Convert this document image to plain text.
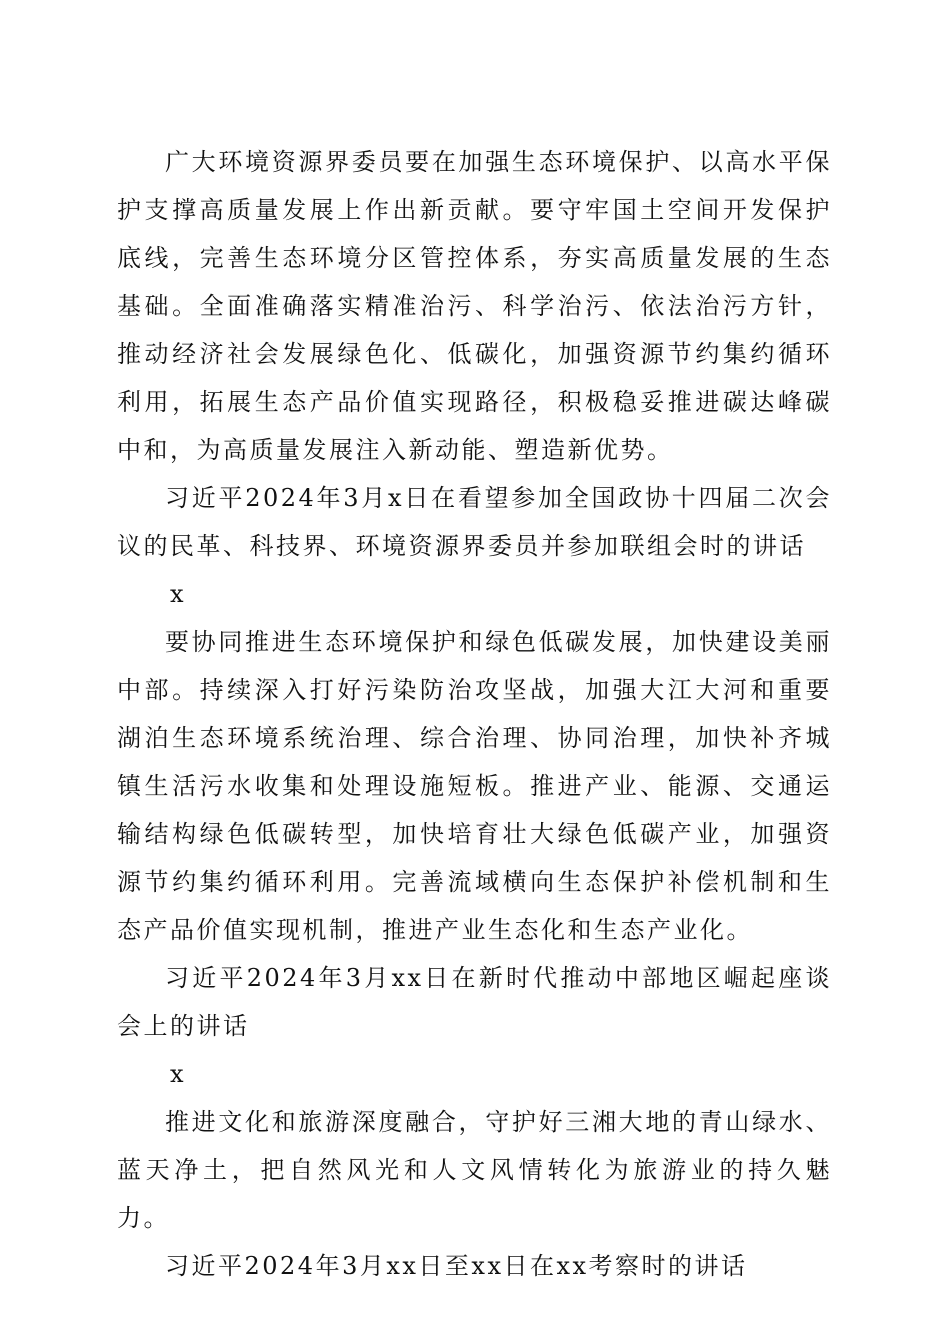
广大环境资源界委员要在加强生态环境保护、以高水平保护支撑高质量发展上作出新贡献。要守牢国土空间开发保护底线，完善生态环境分区管控体系，夯实高质量发展的生态基础。全面准确落实精准治污、科学治污、依法治污方针，推动经济社会发展绿色化、低碳化，加强资源节约集约循环利用，拓展生态产品价值实现路径，积极稳妥推进碳达峰碳中和，为高质量发展注入新动能、塑造新优势。

习近平2024年3月x日在看望参加全国政协十四届二次会议的民革、科技界、环境资源界委员并参加联组会时的讲话

x

要协同推进生态环境保护和绿色低碳发展，加快建设美丽中部。持续深入打好污染防治攻坚战，加强大江大河和重要湖泊生态环境系统治理、综合治理、协同治理，加快补齐城镇生活污水收集和处理设施短板。推进产业、能源、交通运输结构绿色低碳转型，加快培育壮大绿色低碳产业，加强资源节约集约循环利用。完善流域横向生态保护补偿机制和生态产品价值实现机制，推进产业生态化和生态产业化。

习近平2024年3月xx日在新时代推动中部地区崛起座谈会上的讲话

x

推进文化和旅游深度融合，守护好三湘大地的青山绿水、蓝天净土，把自然风光和人文风情转化为旅游业的持久魅力。

习近平2024年3月xx日至xx日在xx考察时的讲话
